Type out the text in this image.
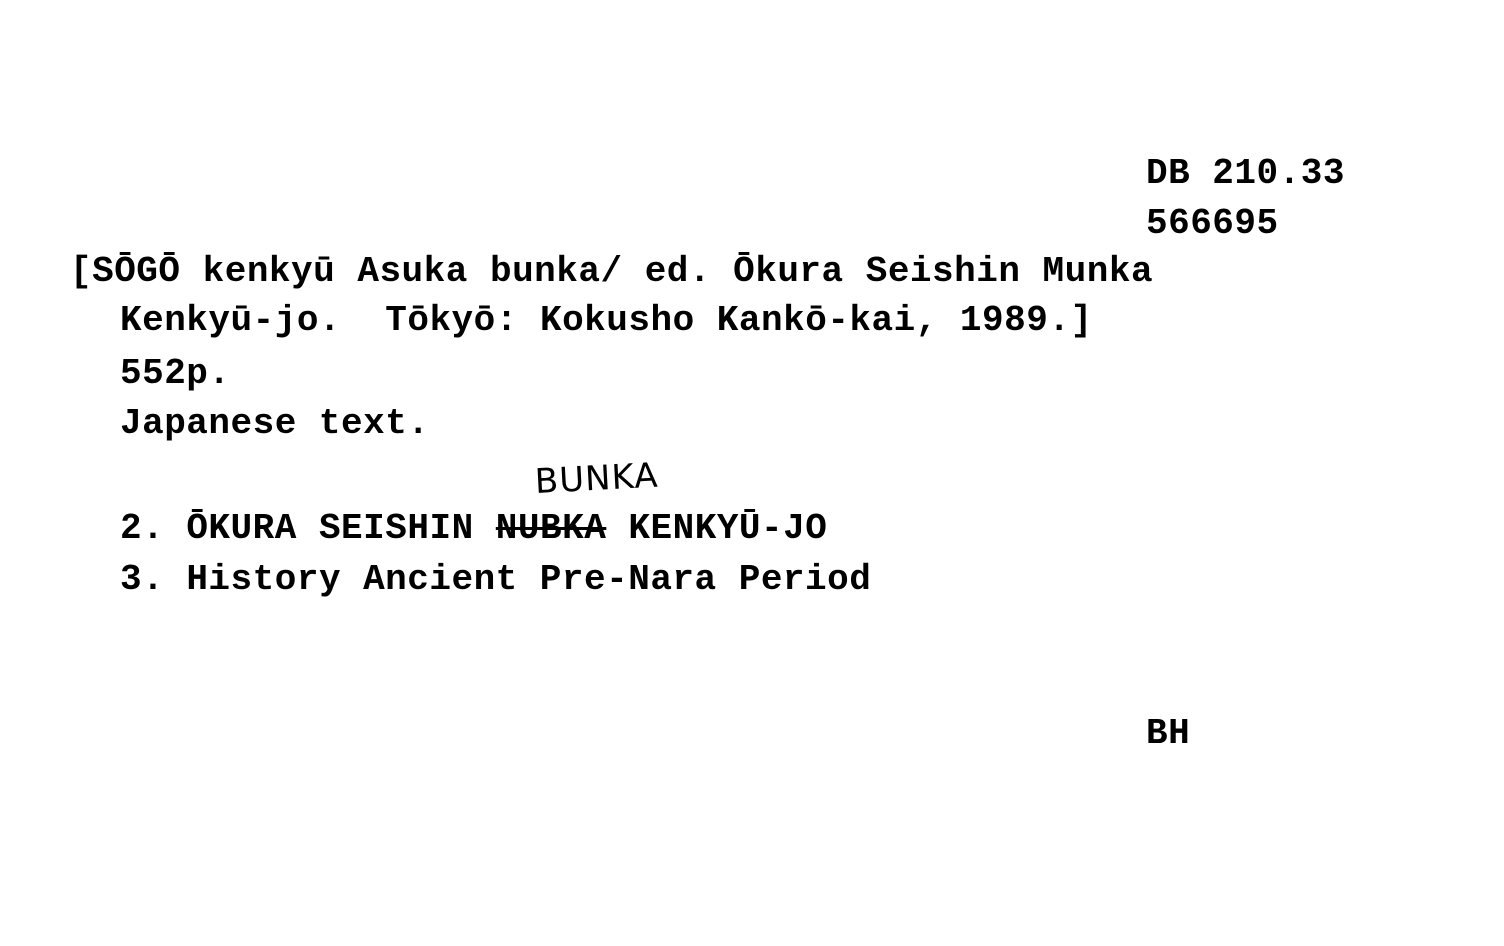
DB 210.33
566695
[SŌGŌ kenkyū Asuka bunka/ ed. Ōkura Seishin Munka
Kenkyū-jo.  Tōkyō: Kokusho Kankō-kai, 1989.]
552p.
Japanese text.
BUNKA
2. ŌKURA SEISHIN NUBKA KENKYŪ-JO
3. History Ancient Pre-Nara Period
BH
